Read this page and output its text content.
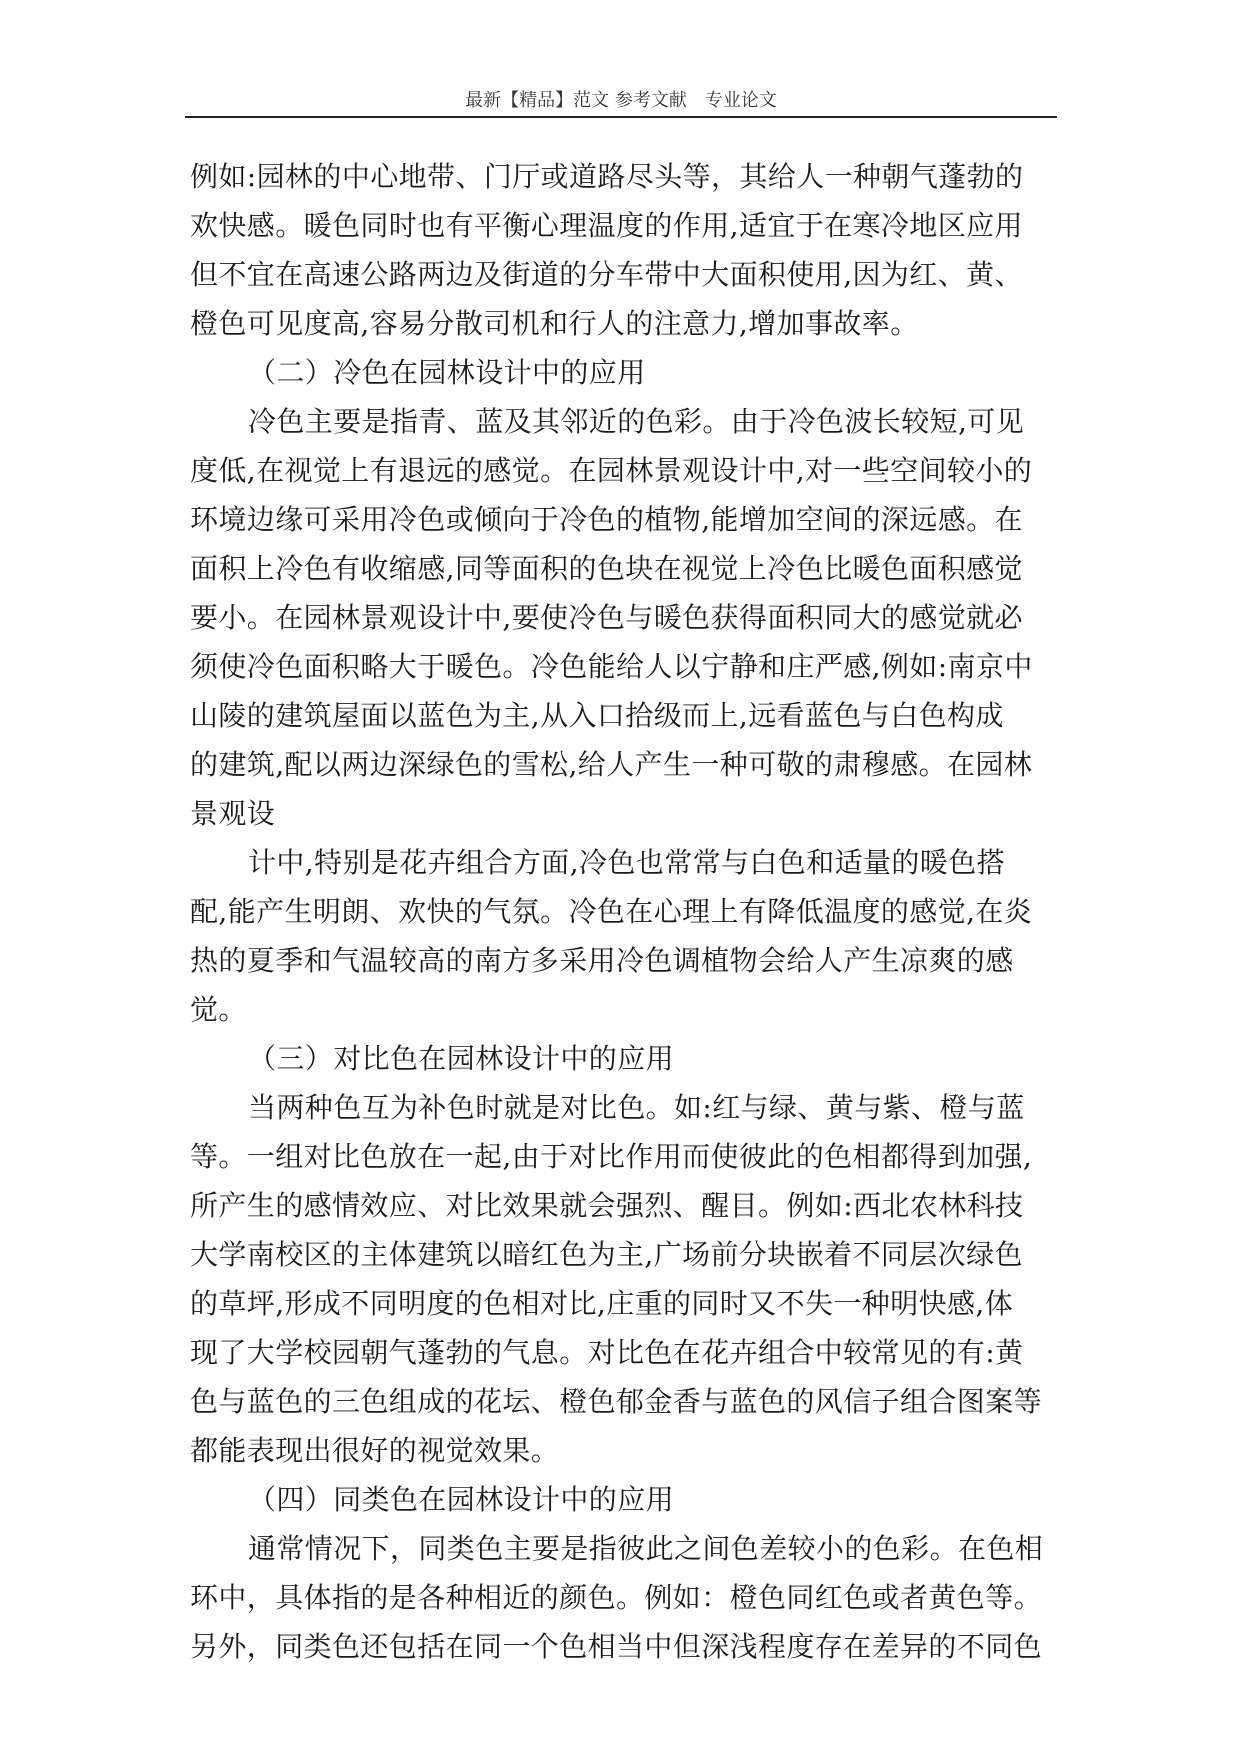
最新【精品】范文 参考文献　专业论文
例如:园林的中心地带、门厅或道路尽头等，其给人一种朝气蓬勃的
欢快感。暖色同时也有平衡心理温度的作用,适宜于在寒冷地区应用
但不宜在高速公路两边及街道的分车带中大面积使用,因为红、黄、
橙色可见度高,容易分散司机和行人的注意力,增加事故率。
（二）冷色在园林设计中的应用
冷色主要是指青、蓝及其邻近的色彩。由于冷色波长较短,可见
度低,在视觉上有退远的感觉。在园林景观设计中,对一些空间较小的
环境边缘可采用冷色或倾向于冷色的植物,能增加空间的深远感。在
面积上冷色有收缩感,同等面积的色块在视觉上冷色比暖色面积感觉
要小。在园林景观设计中,要使冷色与暖色获得面积同大的感觉就必
须使冷色面积略大于暖色。冷色能给人以宁静和庄严感,例如:南京中
山陵的建筑屋面以蓝色为主,从入口拾级而上,远看蓝色与白色构成
的建筑,配以两边深绿色的雪松,给人产生一种可敬的肃穆感。在园林
景观设
计中,特别是花卉组合方面,冷色也常常与白色和适量的暖色搭
配,能产生明朗、欢快的气氛。冷色在心理上有降低温度的感觉,在炎
热的夏季和气温较高的南方多采用冷色调植物会给人产生凉爽的感
觉。
（三）对比色在园林设计中的应用
当两种色互为补色时就是对比色。如:红与绿、黄与紫、橙与蓝
等。一组对比色放在一起,由于对比作用而使彼此的色相都得到加强,
所产生的感情效应、对比效果就会强烈、醒目。例如:西北农林科技
大学南校区的主体建筑以暗红色为主,广场前分块嵌着不同层次绿色
的草坪,形成不同明度的色相对比,庄重的同时又不失一种明快感,体
现了大学校园朝气蓬勃的气息。对比色在花卉组合中较常见的有:黄
色与蓝色的三色组成的花坛、橙色郁金香与蓝色的风信子组合图案等
都能表现出很好的视觉效果。
（四）同类色在园林设计中的应用
通常情况下，同类色主要是指彼此之间色差较小的色彩。在色相
环中，具体指的是各种相近的颜色。例如：橙色同红色或者黄色等。
另外，同类色还包括在同一个色相当中但深浅程度存在差异的不同色
